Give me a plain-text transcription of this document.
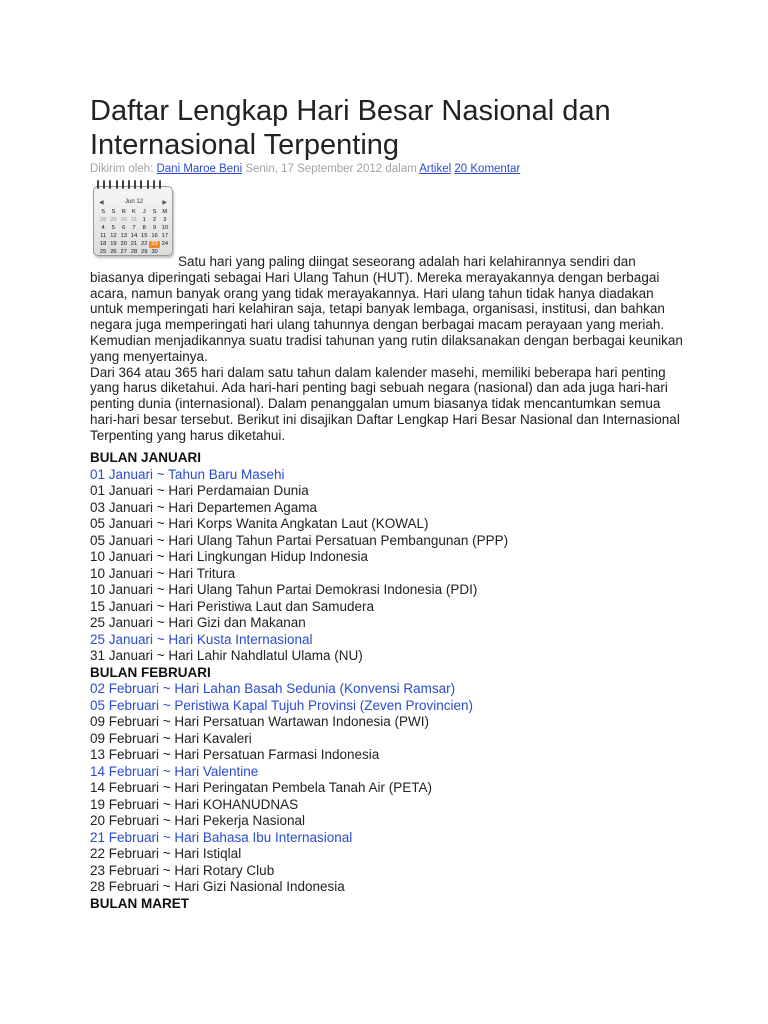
Daftar Lengkap Hari Besar Nasional dan Internasional Terpenting
Dikirim oleh: Dani Maroe Beni Senin, 17 September 2012 dalam Artikel 20 Komentar
◀	Jun 12	▶
S	S	R	K	J	S	M
28 29 30 31 1	2	3
4	5	6	7	8	9 10
11 12 13 14 15 16 17
18 19 20 21 22 23 24
25 26 27 28 29 30
Satu hari yang paling diingat seseorang adalah hari kelahirannya sendiri dan biasanya diperingati sebagai Hari Ulang Tahun (HUT). Mereka merayakannya dengan berbagai acara, namun banyak orang yang tidak merayakannya. Hari ulang tahun tidak hanya diadakan untuk memperingati hari kelahiran saja, tetapi banyak lembaga, organisasi, institusi, dan bahkan negara juga memperingati hari ulang tahunnya dengan berbagai macam perayaan yang meriah. Kemudian menjadikannya suatu tradisi tahunan yang rutin dilaksanakan dengan berbagai keunikan yang menyertainya.
Dari 364 atau 365 hari dalam satu tahun dalam kalender masehi, memiliki beberapa hari penting yang harus diketahui. Ada hari-hari penting bagi sebuah negara (nasional) dan ada juga hari-hari penting dunia (internasional). Dalam penanggalan umum biasanya tidak mencantumkan semua hari-hari besar tersebut. Berikut ini disajikan Daftar Lengkap Hari Besar Nasional dan Internasional Terpenting yang harus diketahui.
BULAN JANUARI
01 Januari ~ Tahun Baru Masehi
01 Januari ~ Hari Perdamaian Dunia
03 Januari ~ Hari Departemen Agama
05 Januari ~ Hari Korps Wanita Angkatan Laut (KOWAL)
05 Januari ~ Hari Ulang Tahun Partai Persatuan Pembangunan (PPP)
10 Januari ~ Hari Lingkungan Hidup Indonesia
10 Januari ~ Hari Tritura
10 Januari ~ Hari Ulang Tahun Partai Demokrasi Indonesia (PDI)
15 Januari ~ Hari Peristiwa Laut dan Samudera
25 Januari ~ Hari Gizi dan Makanan
25 Januari ~ Hari Kusta Internasional
31 Januari ~ Hari Lahir Nahdlatul Ulama (NU)
BULAN FEBRUARI
02 Februari ~ Hari Lahan Basah Sedunia (Konvensi Ramsar)
05 Februari ~ Peristiwa Kapal Tujuh Provinsi (Zeven Provincien)
09 Februari ~ Hari Persatuan Wartawan Indonesia (PWI)
09 Februari ~ Hari Kavaleri
13 Februari ~ Hari Persatuan Farmasi Indonesia
14 Februari ~ Hari Valentine
14 Februari ~ Hari Peringatan Pembela Tanah Air (PETA)
19 Februari ~ Hari KOHANUDNAS
20 Februari ~ Hari Pekerja Nasional
21 Februari ~ Hari Bahasa Ibu Internasional
22 Februari ~ Hari Istiqlal
23 Februari ~ Hari Rotary Club
28 Februari ~ Hari Gizi Nasional Indonesia
BULAN MARET
